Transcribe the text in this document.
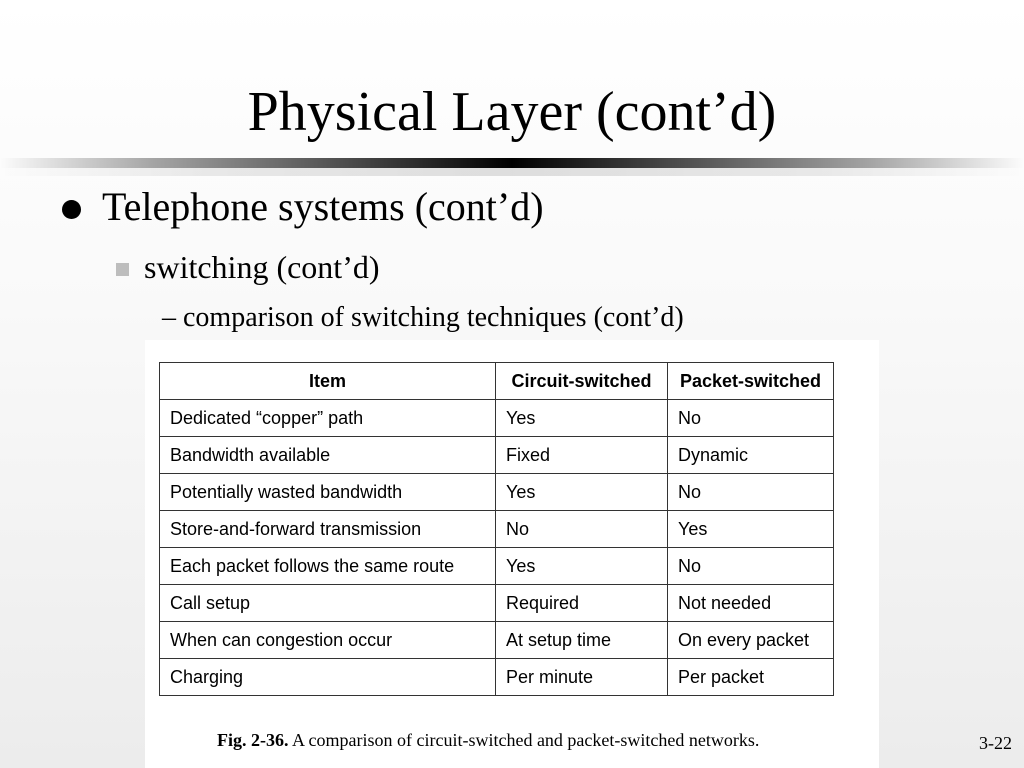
Physical Layer (cont’d)
Telephone systems (cont’d)
switching (cont’d)
– comparison of switching techniques (cont’d)
Item	Circuit-switched	Packet-switched
Dedicated “copper” path	Yes	No
Bandwidth available	Fixed	Dynamic
Potentially wasted bandwidth	Yes	No
Store-and-forward transmission	No	Yes
Each packet follows the same route	Yes	No
Call setup	Required	Not needed
When can congestion occur	At setup time	On every packet
Charging	Per minute	Per packet
Fig. 2-36. A comparison of circuit-switched and packet-switched networks.	3-22
